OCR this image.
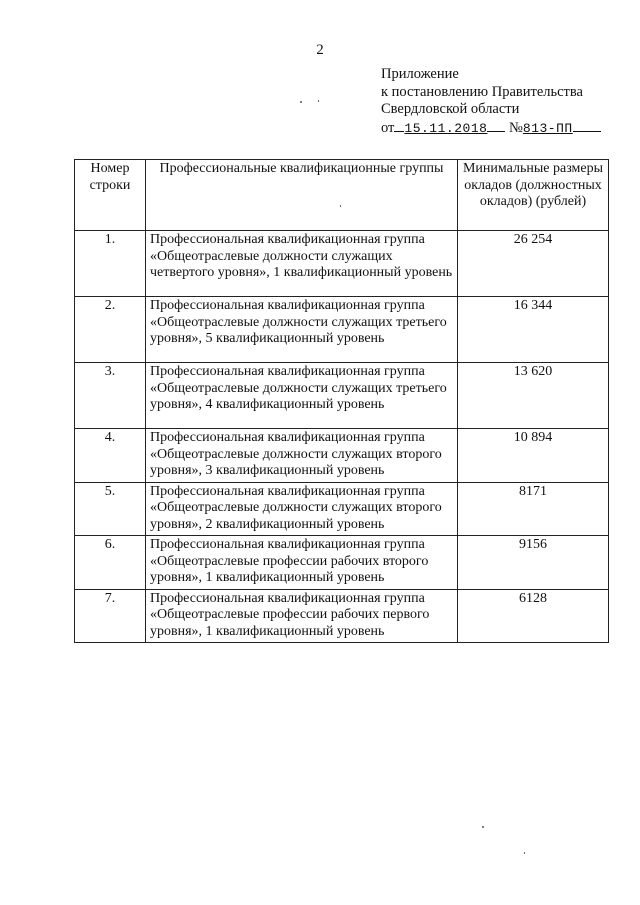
2
Приложение
к постановлению Правительства
Свердловской области
от 15.11.2018 №813-ПП
Номер строки	Профессиональные квалификационные группы	Минимальные размеры окладов (должностных окладов) (рублей)
1.	Профессиональная квалификационная группа «Общеотраслевые должности служащих четвертого уровня», 1 квалификационный уровень	26 254
2.	Профессиональная квалификационная группа «Общеотраслевые должности служащих третьего уровня», 5 квалификационный уровень	16 344
3.	Профессиональная квалификационная группа «Общеотраслевые должности служащих третьего уровня», 4 квалификационный уровень	13 620
4.	Профессиональная квалификационная группа «Общеотраслевые должности служащих второго уровня», 3 квалификационный уровень	10 894
5.	Профессиональная квалификационная группа «Общеотраслевые должности служащих второго уровня», 2 квалификационный уровень	8171
6.	Профессиональная квалификационная группа «Общеотраслевые профессии рабочих второго уровня», 1 квалификационный уровень	9156
7.	Профессиональная квалификационная группа «Общеотраслевые профессии рабочих первого уровня», 1 квалификационный уровень	6128
